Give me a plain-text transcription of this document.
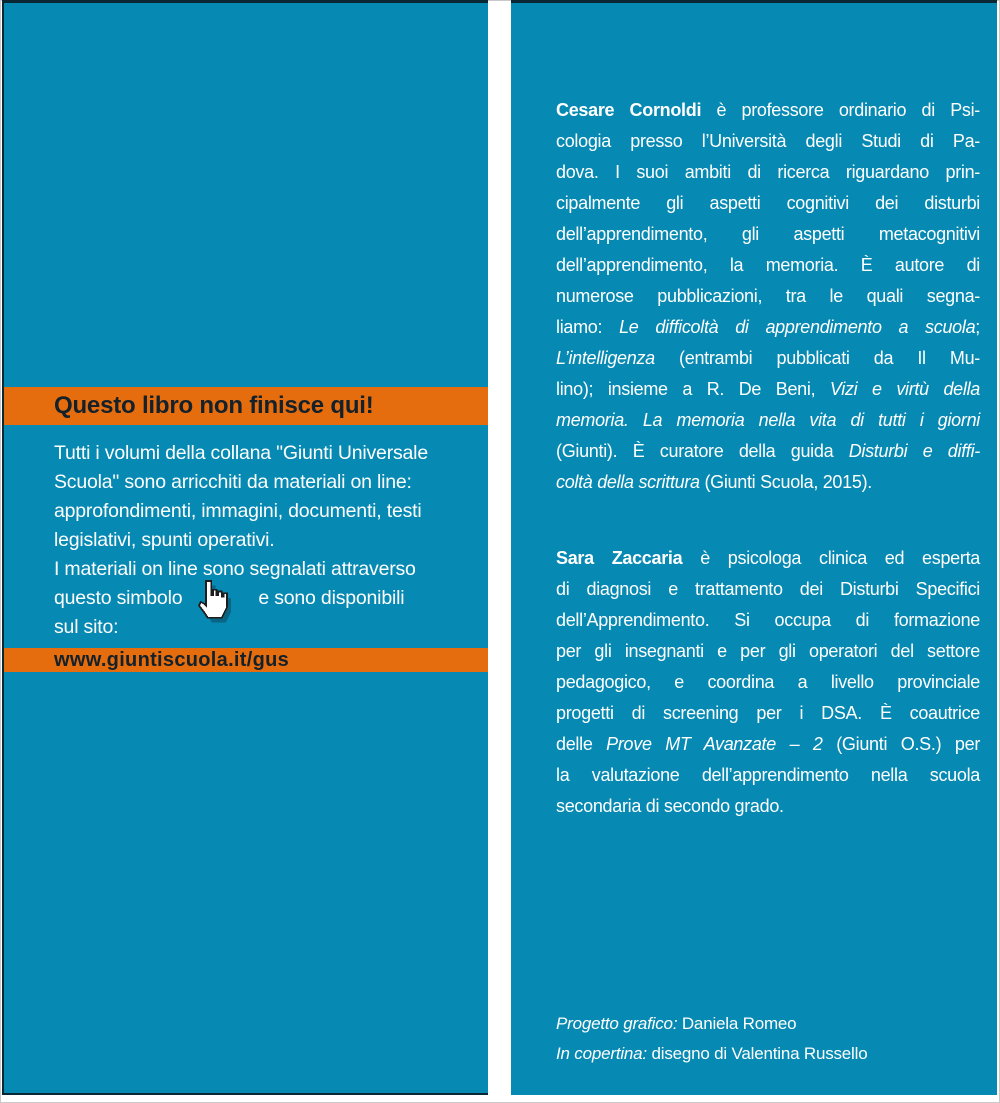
Questo libro non finisce qui!
Tutti i volumi della collana "Giunti Universale
Scuola" sono arricchiti da materiali on line:
approfondimenti, immagini, documenti, testi
legislativi, spunti operativi.
I materiali on line sono segnalati attraverso
questo simbolo	e sono disponibili
sul sito:
www.giuntiscuola.it/gus
Cesare Cornoldi è professore ordinario di Psi-
cologia presso l’Università degli Studi di Pa-
dova. I suoi ambiti di ricerca riguardano prin-
cipalmente gli aspetti cognitivi dei disturbi
dell’apprendimento, gli aspetti metacognitivi
dell’apprendimento, la memoria. È autore di
numerose pubblicazioni, tra le quali segna-
liamo: Le difficoltà di apprendimento a scuola;
L’intelligenza (entrambi pubblicati da Il Mu-
lino); insieme a R. De Beni, Vizi e virtù della
memoria. La memoria nella vita di tutti i giorni
(Giunti). È curatore della guida Disturbi e diffi-
coltà della scrittura (Giunti Scuola, 2015).
Sara Zaccaria è psicologa clinica ed esperta
di diagnosi e trattamento dei Disturbi Specifici
dell’Apprendimento. Si occupa di formazione
per gli insegnanti e per gli operatori del settore
pedagogico, e coordina a livello provinciale
progetti di screening per i DSA. È coautrice
delle Prove MT Avanzate – 2 (Giunti O.S.) per
la valutazione dell’apprendimento nella scuola
secondaria di secondo grado.
Progetto grafico: Daniela Romeo
In copertina: disegno di Valentina Russello
